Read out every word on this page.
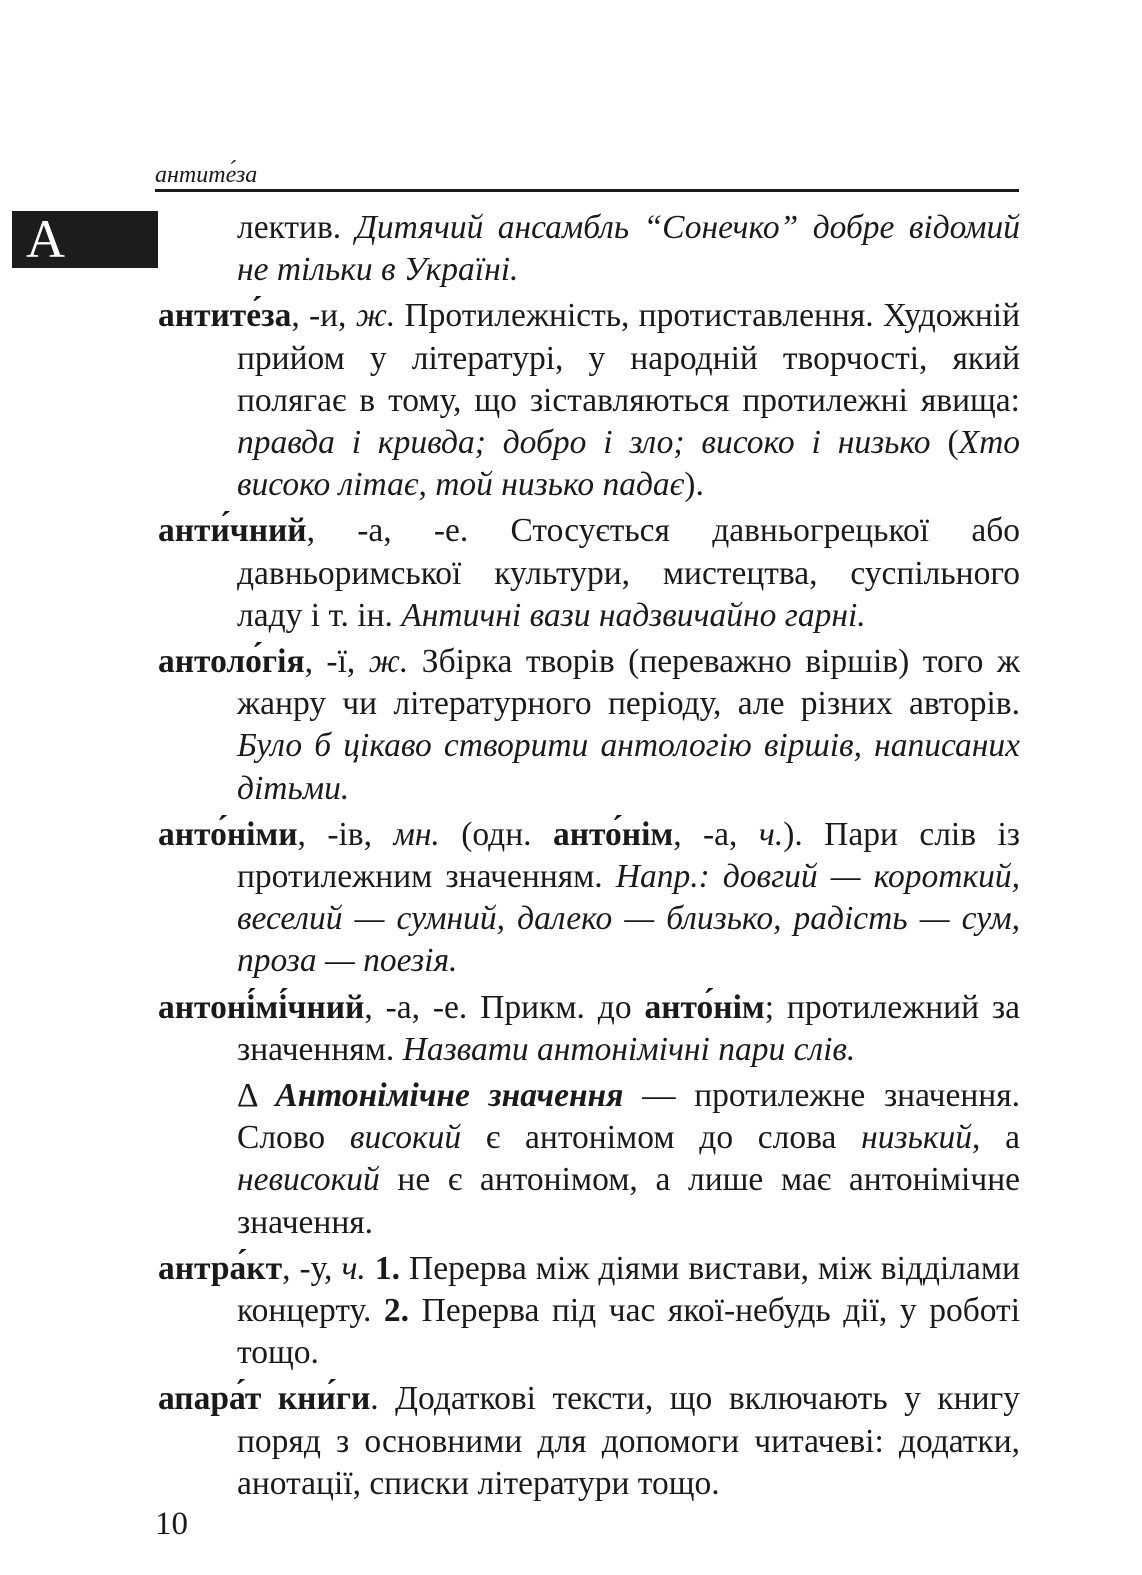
антите́за
А	лектив. Дитячий ансамбль “Сонечко” добре відомий не тільки в Україні.

антите́за, -и, ж. Протилежність, протиставлення. Художній прийом у літературі, у народній творчості, який полягає в тому, що зіставляються протилежні явища: правда і кривда; добро і зло; високо і низько (Хто високо літає, той низько падає).

анти́чний, -а, -е. Стосується давньогрецької або давньоримської культури, мистецтва, суспільного ладу і т. ін. Античні вази надзвичайно гарні.

антоло́гія, -ї, ж. Збірка творів (переважно віршів) того ж жанру чи літературного періоду, але різних авторів. Було б цікаво створити антологію віршів, написаних дітьми.

анто́німи, -ів, мн. (одн. анто́нім, -а, ч.). Пари слів із протилежним значенням. Напр.: довгий — короткий, веселий — сумний, далеко — близько, радість — сум, проза — поезія.

антоні́мі́чний, -а, -е. Прикм. до анто́нім; протилежний за значенням. Назвати антонімічні пари слів.

Δ Антонімічне значення — протилежне значення. Слово високий є антонімом до слова низький, а невисокий не є антонімом, а лише має антонімічне значення.

антра́кт, -у, ч. 1. Перерва між діями вистави, між відділами концерту. 2. Перерва під час якої-небудь дії, у роботі тощо.

апара́т кни́ги. Додаткові тексти, що включають у книгу поряд з основними для допомоги читачеві: додатки, анотації, списки літератури тощо.

10
